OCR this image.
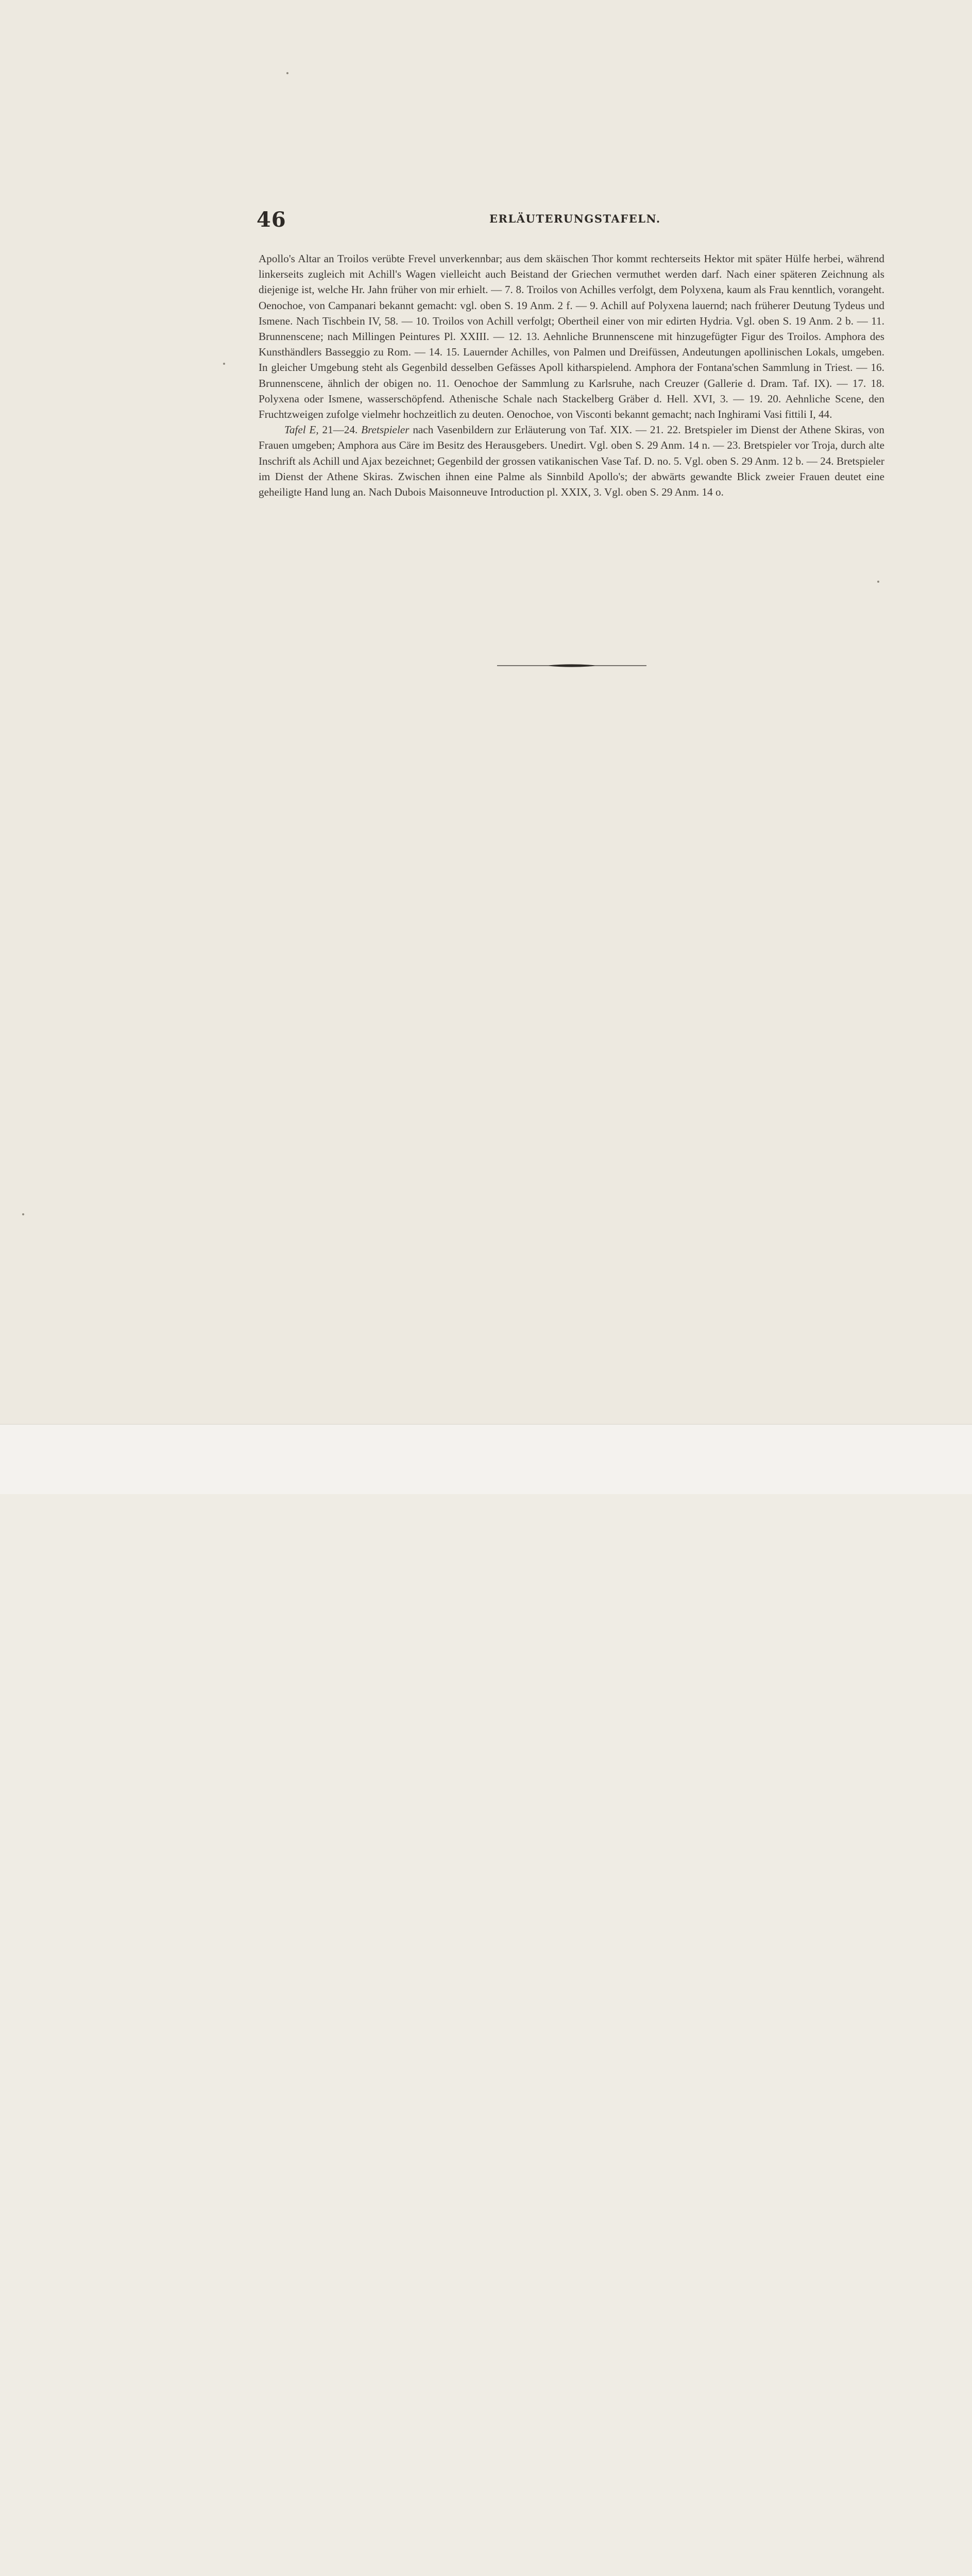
46	ERLÄUTERUNGSTAFELN.

Apollo's Altar an Troilos verübte Frevel unverkennbar; aus dem skäischen Thor kommt rechterseits Hektor mit später Hülfe herbei, während linkerseits zugleich mit Achill's Wagen vielleicht auch Beistand der Griechen vermuthet werden darf. Nach einer späteren Zeichnung als diejenige ist, welche Hr. Jahn früher von mir erhielt. — 7. 8. Troilos von Achilles verfolgt, dem Polyxena, kaum als Frau kenntlich, vorangeht. Oenochoe, von Campanari bekannt gemacht: vgl. oben S. 19 Anm. 2 f. — 9. Achill auf Polyxena lauernd; nach früherer Deutung Tydeus und Ismene. Nach Tischbein IV, 58. — 10. Troilos von Achill verfolgt; Obertheil einer von mir edirten Hydria. Vgl. oben S. 19 Anm. 2 b. — 11. Brunnenscene; nach Millingen Peintures Pl. XXIII. — 12. 13. Aehnliche Brunnenscene mit hinzugefügter Figur des Troilos. Amphora des Kunsthändlers Basseggio zu Rom. — 14. 15. Lauernder Achilles, von Palmen und Dreifüssen, Andeutungen apollinischen Lokals, umgeben. In gleicher Umgebung steht als Gegenbild desselben Gefässes Apoll kitharspielend. Amphora der Fontana'schen Sammlung in Triest. — 16. Brunnenscene, ähnlich der obigen no. 11. Oenochoe der Sammlung zu Karlsruhe, nach Creuzer (Gallerie d. Dram. Taf. IX). — 17. 18. Polyxena oder Ismene, wasserschöpfend. Athenische Schale nach Stackelberg Gräber d. Hell. XVI, 3. — 19. 20. Aehnliche Scene, den Fruchtzweigen zufolge vielmehr hochzeitlich zu deuten. Oenochoe, von Visconti bekannt gemacht; nach Inghirami Vasi fittili I, 44.

Tafel E, 21—24. Bretspieler nach Vasenbildern zur Erläuterung von Taf. XIX. — 21. 22. Bretspieler im Dienst der Athene Skiras, von Frauen umgeben; Amphora aus Cäre im Besitz des Herausgebers. Unedirt. Vgl. oben S. 29 Anm. 14 n. — 23. Bretspieler vor Troja, durch alte Inschrift als Achill und Ajax bezeichnet; Gegenbild der grossen vatikanischen Vase Taf. D. no. 5. Vgl. oben S. 29 Anm. 12 b. — 24. Bretspieler im Dienst der Athene Skiras. Zwischen ihnen eine Palme als Sinnbild Apollo's; der abwärts gewandte Blick zweier Frauen deutet eine geheiligte Hand lung an. Nach Dubois Maisonneuve Introduction pl. XXIX, 3. Vgl. oben S. 29 Anm. 14 o.
